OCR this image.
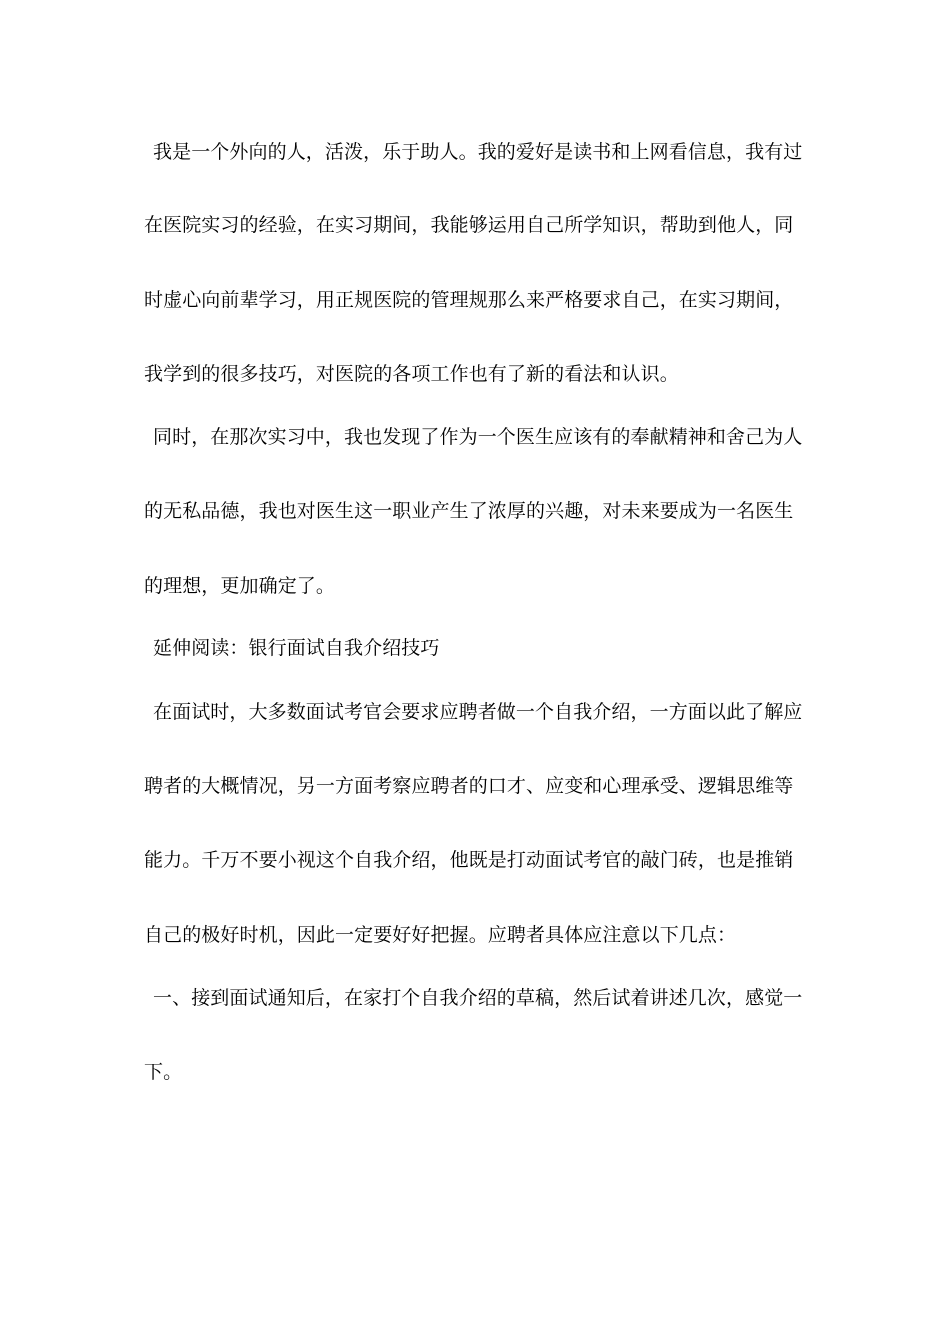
我是一个外向的人，活泼，乐于助人。我的爱好是读书和上网看信息，我有过
在医院实习的经验，在实习期间，我能够运用自己所学知识，帮助到他人，同
时虚心向前辈学习，用正规医院的管理规那么来严格要求自己，在实习期间，
我学到的很多技巧，对医院的各项工作也有了新的看法和认识。
同时，在那次实习中，我也发现了作为一个医生应该有的奉献精神和舍己为人
的无私品德，我也对医生这一职业产生了浓厚的兴趣，对未来要成为一名医生
的理想，更加确定了。
延伸阅读：银行面试自我介绍技巧
在面试时，大多数面试考官会要求应聘者做一个自我介绍，一方面以此了解应
聘者的大概情况，另一方面考察应聘者的口才、应变和心理承受、逻辑思维等
能力。千万不要小视这个自我介绍，他既是打动面试考官的敲门砖，也是推销
自己的极好时机，因此一定要好好把握。应聘者具体应注意以下几点：
一、接到面试通知后，在家打个自我介绍的草稿，然后试着讲述几次，感觉一
下。
